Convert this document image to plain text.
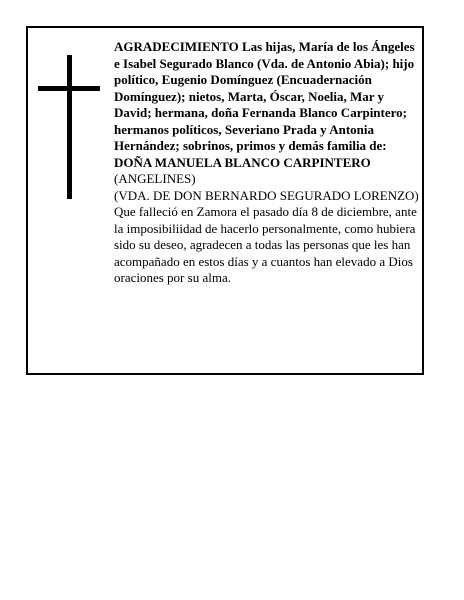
AGRADECIMIENTO Las hijas, María de los Ángeles e Isabel Segurado Blanco (Vda. de Antonio Abia); hijo político, Eugenio Domínguez (Encuadernación Domínguez); nietos, Marta, Óscar, Noelia, Mar y David; hermana, doña Fernanda Blanco Carpintero; hermanos políticos, Severiano Prada y Antonia Hernández; sobrinos, primos y demás familia de:

DOÑA MANUELA BLANCO CARPINTERO

(ANGELINES)

(VDA. DE DON BERNARDO SEGURADO LORENZO)

Que falleció en Zamora el pasado día 8 de diciembre, ante la imposibiliidad de hacerlo personalmente, como hubiera sido su deseo, agradecen a todas las personas que les han acompañado en estos días y a cuantos han elevado a Dios oraciones por su alma.
